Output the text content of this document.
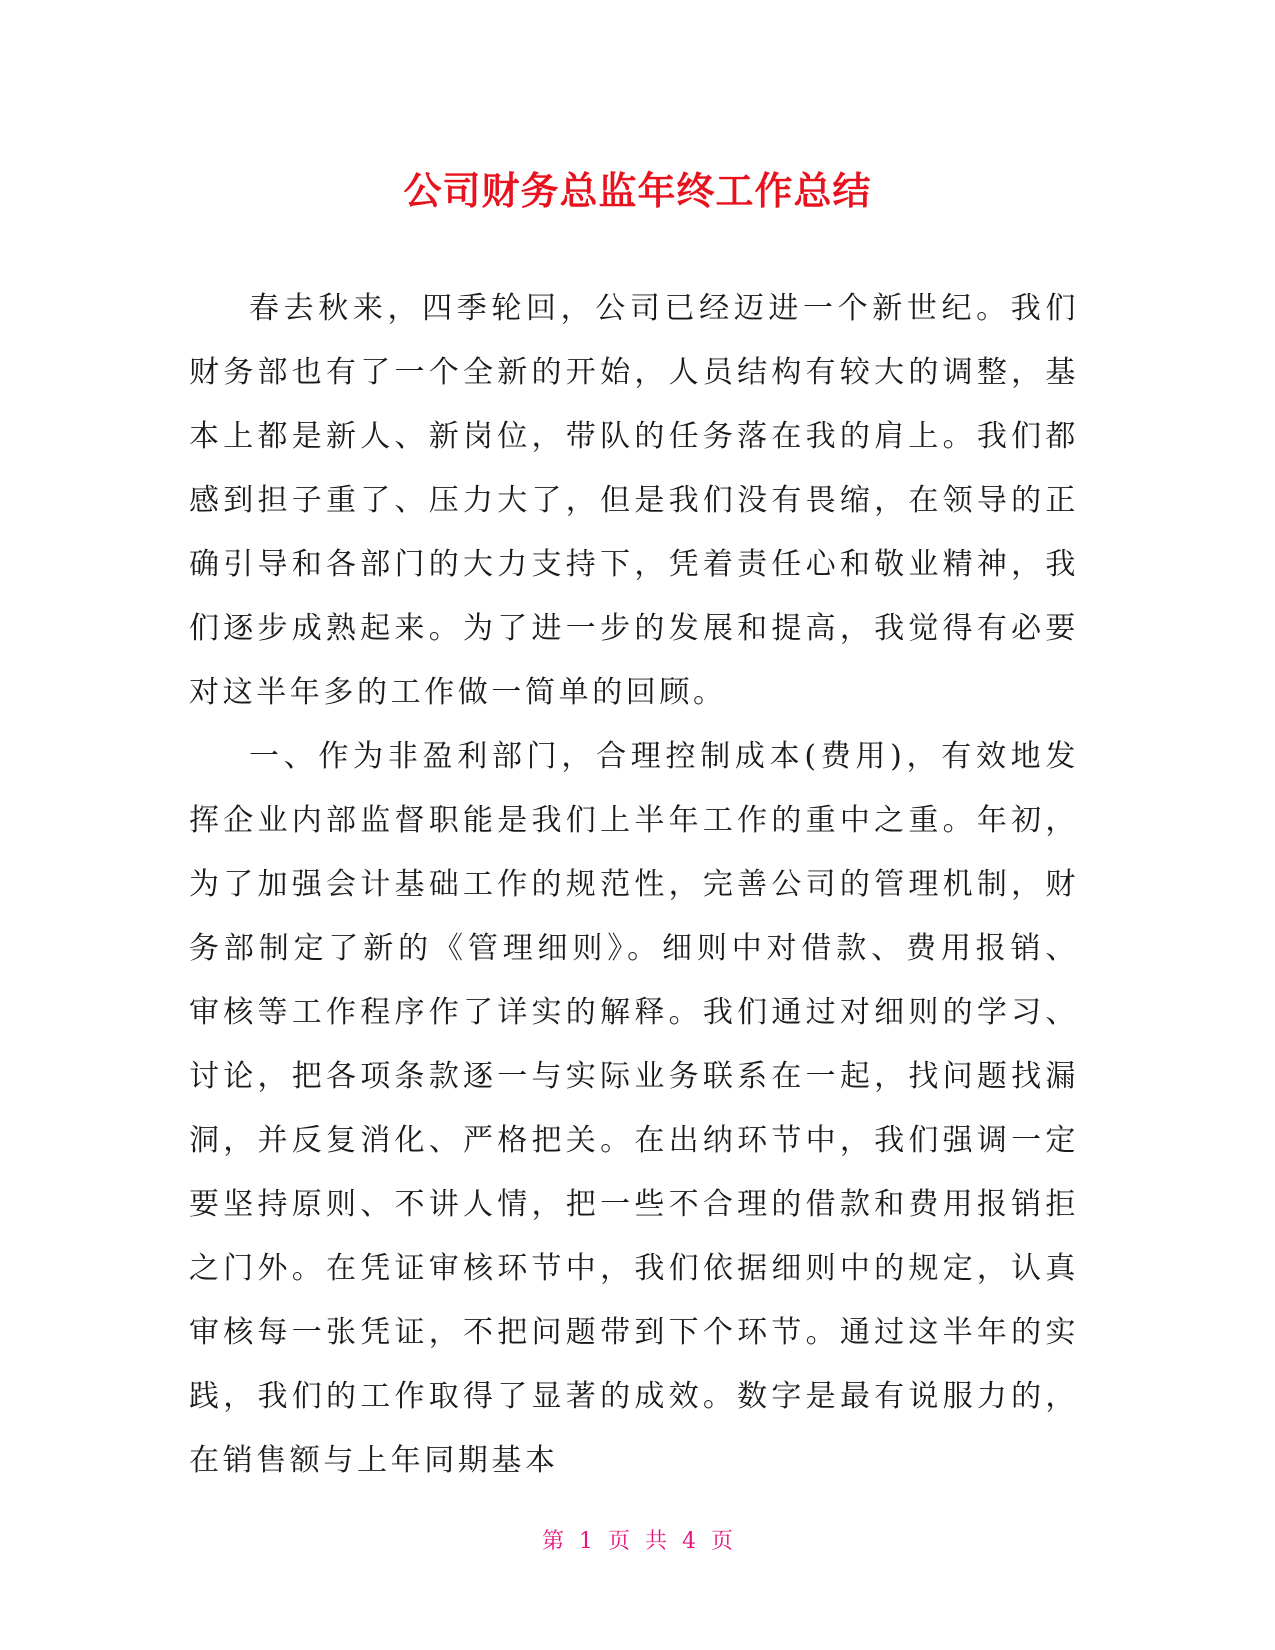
公司财务总监年终工作总结

春去秋来，四季轮回，公司已经迈进一个新世纪。我们财务部也有了一个全新的开始，人员结构有较大的调整，基本上都是新人、新岗位，带队的任务落在我的肩上。我们都感到担子重了、压力大了，但是我们没有畏缩，在领导的正确引导和各部门的大力支持下，凭着责任心和敬业精神，我们逐步成熟起来。为了进一步的发展和提高，我觉得有必要对这半年多的工作做一简单的回顾。

一、作为非盈利部门，合理控制成本(费用)，有效地发挥企业内部监督职能是我们上半年工作的重中之重。年初，为了加强会计基础工作的规范性，完善公司的管理机制，财务部制定了新的《管理细则》。细则中对借款、费用报销、审核等工作程序作了详实的解释。我们通过对细则的学习、讨论，把各项条款逐一与实际业务联系在一起，找问题找漏洞，并反复消化、严格把关。在出纳环节中，我们强调一定要坚持原则、不讲人情，把一些不合理的借款和费用报销拒之门外。在凭证审核环节中，我们依据细则中的规定，认真审核每一张凭证，不把问题带到下个环节。通过这半年的实践，我们的工作取得了显著的成效。数字是最有说服力的，在销售额与上年同期基本

第 1 页 共 4 页
